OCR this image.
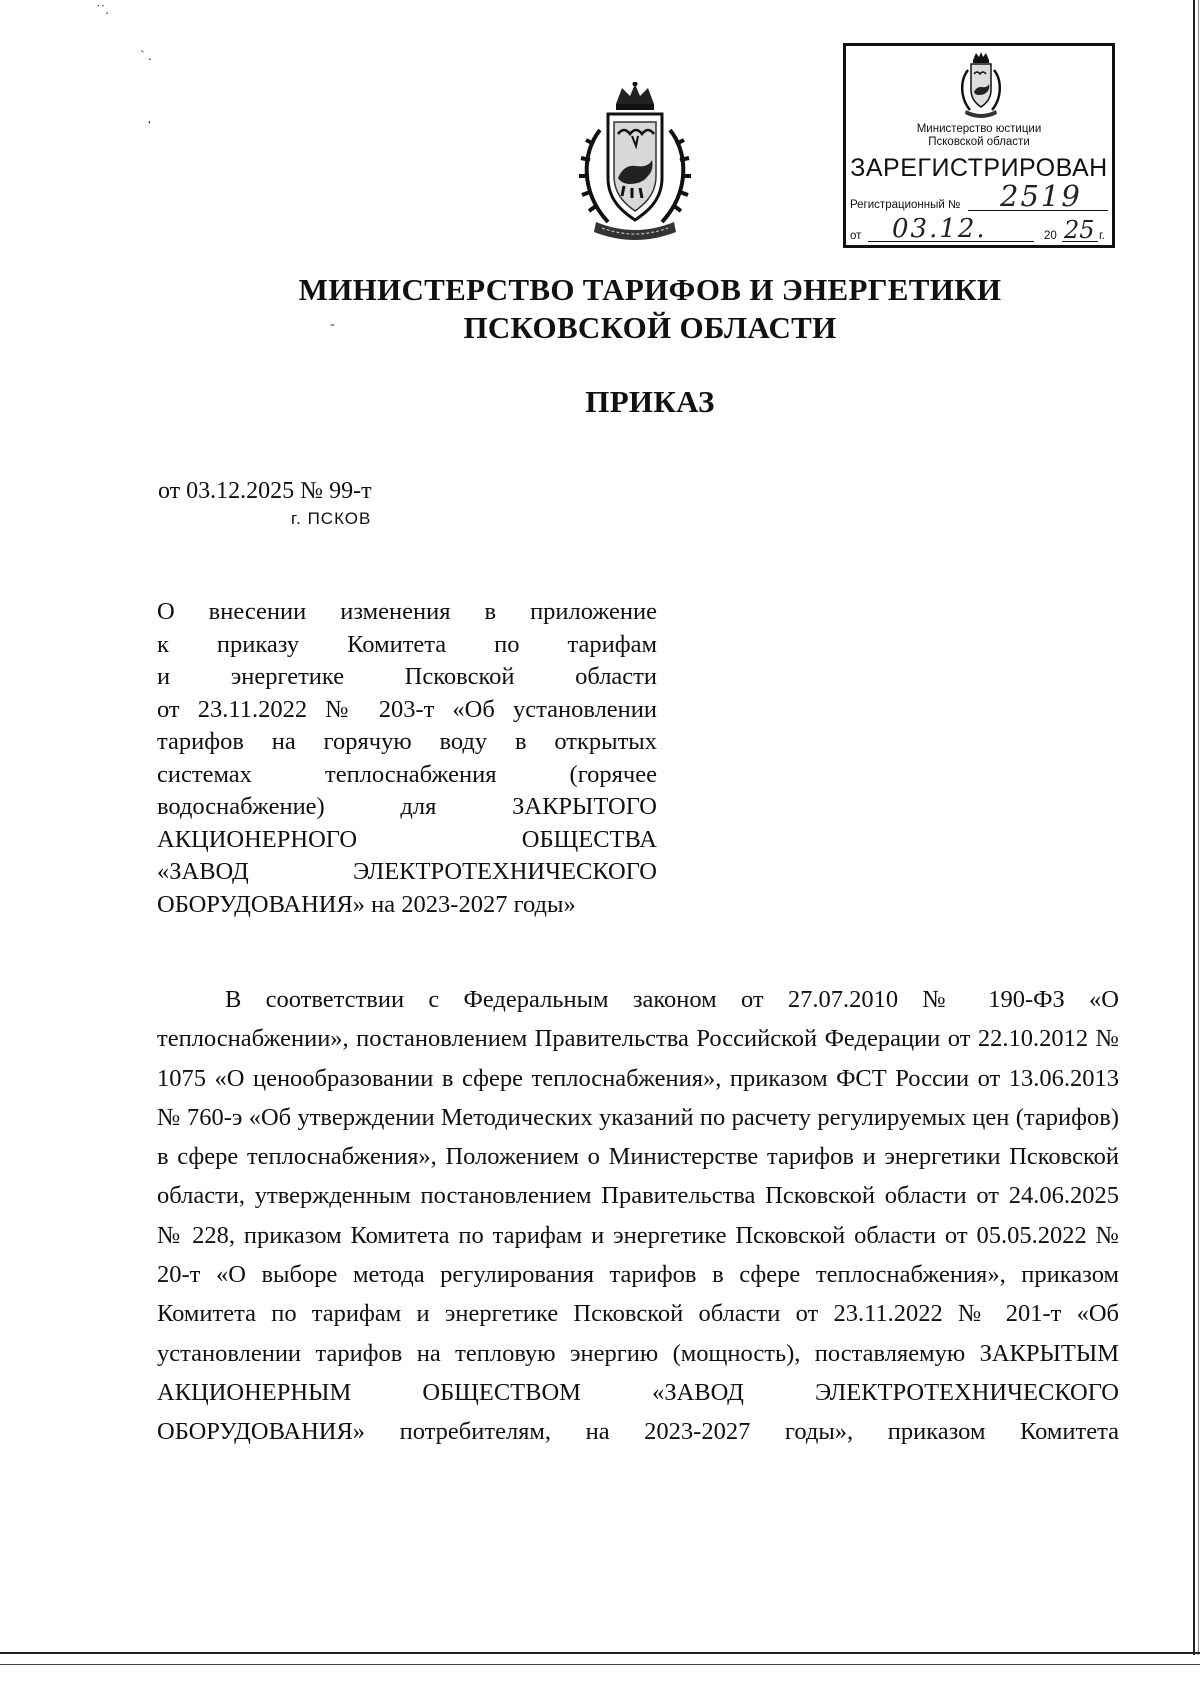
˙˙.
` .
'
-
Министерство юстиции
Псковской области
ЗАРЕГИСТРИРОВАН
Регистрационный № 2519
от 03.12.	20 25 г.
МИНИСТЕРСТВО ТАРИФОВ И ЭНЕРГЕТИКИ
ПСКОВСКОЙ ОБЛАСТИ
ПРИКАЗ
от 03.12.2025 № 99-т
г. ПСКОВ
О внесении изменения в приложение
к приказу Комитета по тарифам
и энергетике Псковской области
от 23.11.2022 № 203-т «Об установлении
тарифов на горячую воду в открытых
системах теплоснабжения (горячее
водоснабжение) для ЗАКРЫТОГО
АКЦИОНЕРНОГО ОБЩЕСТВА
«ЗАВОД ЭЛЕКТРОТЕХНИЧЕСКОГО
ОБОРУДОВАНИЯ» на 2023-2027 годы»
В соответствии с Федеральным законом от 27.07.2010 № 190-ФЗ «О теплоснабжении», постановлением Правительства Российской Федерации от 22.10.2012 № 1075 «О ценообразовании в сфере теплоснабжения», приказом ФСТ России от 13.06.2013 № 760-э «Об утверждении Методических указаний по расчету регулируемых цен (тарифов) в сфере теплоснабжения», Положением о Министерстве тарифов и энергетики Псковской области, утвержденным постановлением Правительства Псковской области от 24.06.2025 № 228, приказом Комитета по тарифам и энергетике Псковской области от 05.05.2022 № 20-т «О выборе метода регулирования тарифов в сфере теплоснабжения», приказом Комитета по тарифам и энергетике Псковской области от 23.11.2022 № 201-т «Об установлении тарифов на тепловую энергию (мощность), поставляемую ЗАКРЫТЫМ АКЦИОНЕРНЫМ ОБЩЕСТВОМ «ЗАВОД ЭЛЕКТРОТЕХНИЧЕСКОГО ОБОРУДОВАНИЯ» потребителям, на 2023-2027 годы», приказом Комитета
